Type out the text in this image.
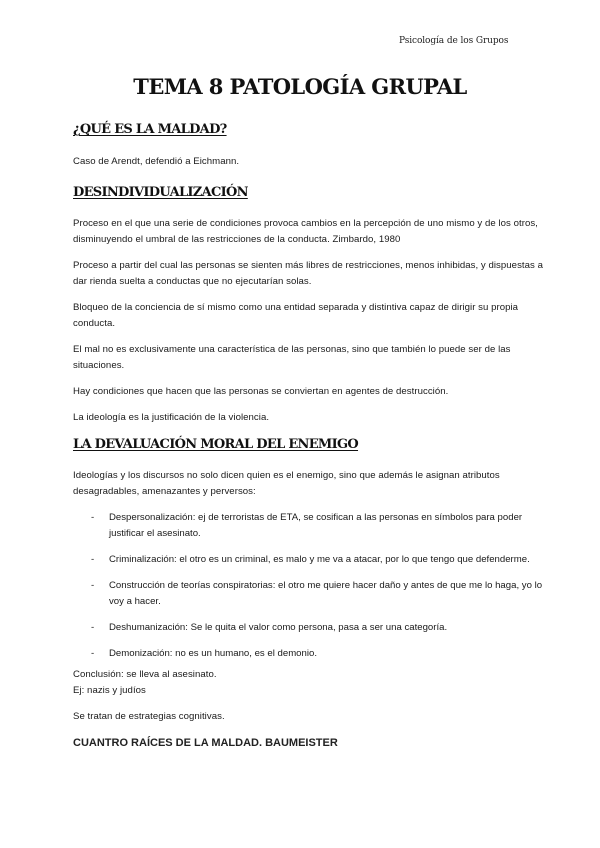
Psicología de los Grupos
TEMA 8 PATOLOGÍA GRUPAL
¿QUÉ ES LA MALDAD?

Caso de Arendt, defendió a Eichmann.

DESINDIVIDUALIZACIÓN

Proceso en el que una serie de condiciones provoca cambios en la percepción de uno mismo y de los otros, disminuyendo el umbral de las restricciones de la conducta. Zimbardo, 1980

Proceso a partir del cual las personas se sienten más libres de restricciones, menos inhibidas, y dispuestas a dar rienda suelta a conductas que no ejecutarían solas.

Bloqueo de la conciencia de sí mismo como una entidad separada y distintiva capaz de dirigir su propia conducta.

El mal no es exclusivamente una característica de las personas, sino que también lo puede ser de las situaciones.

Hay condiciones que hacen que las personas se conviertan en agentes de destrucción.

La ideología es la justificación de la violencia.

LA DEVALUACIÓN MORAL DEL ENEMIGO

Ideologías y los discursos no solo dicen quien es el enemigo, sino que además le asignan atributos desagradables, amenazantes y perversos:

- Despersonalización: ej de terroristas de ETA, se cosifican a las personas en símbolos para poder justificar el asesinato.
- Criminalización: el otro es un criminal, es malo y me va a atacar, por lo que tengo que defenderme.
- Construcción de teorías conspiratorias: el otro me quiere hacer daño y antes de que me lo haga, yo lo voy a hacer.
- Deshumanización: Se le quita el valor como persona, pasa a ser una categoría.
- Demonización: no es un humano, es el demonio.

Conclusión: se lleva al asesinato.

Ej: nazis y judíos

Se tratan de estrategias cognitivas.

CUANTRO RAÍCES DE LA MALDAD. BAUMEISTER
